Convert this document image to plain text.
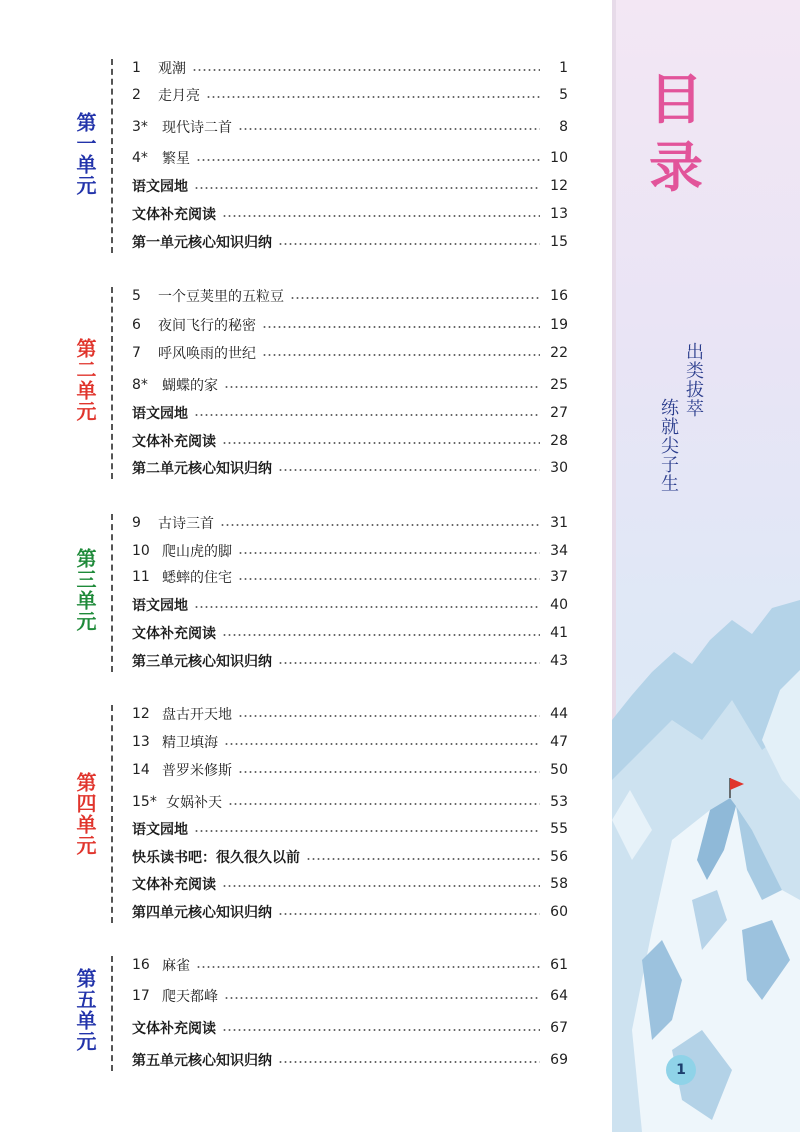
第一单元
1	观潮	1
2	走月亮	5
3*	现代诗二首	8
4*	繁星	10
语文园地	12
文体补充阅读	13
第一单元核心知识归纳	15
第二单元
5	一个豆荚里的五粒豆	16
6	夜间飞行的秘密	19
7	呼风唤雨的世纪	22
8*	蝴蝶的家	25
语文园地	27
文体补充阅读	28
第二单元核心知识归纳	30
第三单元
9	古诗三首	31
10 爬山虎的脚	34
11 蟋蟀的住宅	37
语文园地	40
文体补充阅读	41
第三单元核心知识归纳	43
第四单元
12 盘古开天地	44
13 精卫填海	47
14 普罗米修斯	50
15* 女娲补天	53
语文园地	55
快乐读书吧：很久很久以前	56
文体补充阅读	58
第四单元核心知识归纳	60
第五单元
16 麻雀	61
17 爬天都峰	64
文体补充阅读	67
第五单元核心知识归纳	69
目录
出类拔萃
练就尖子生
1
